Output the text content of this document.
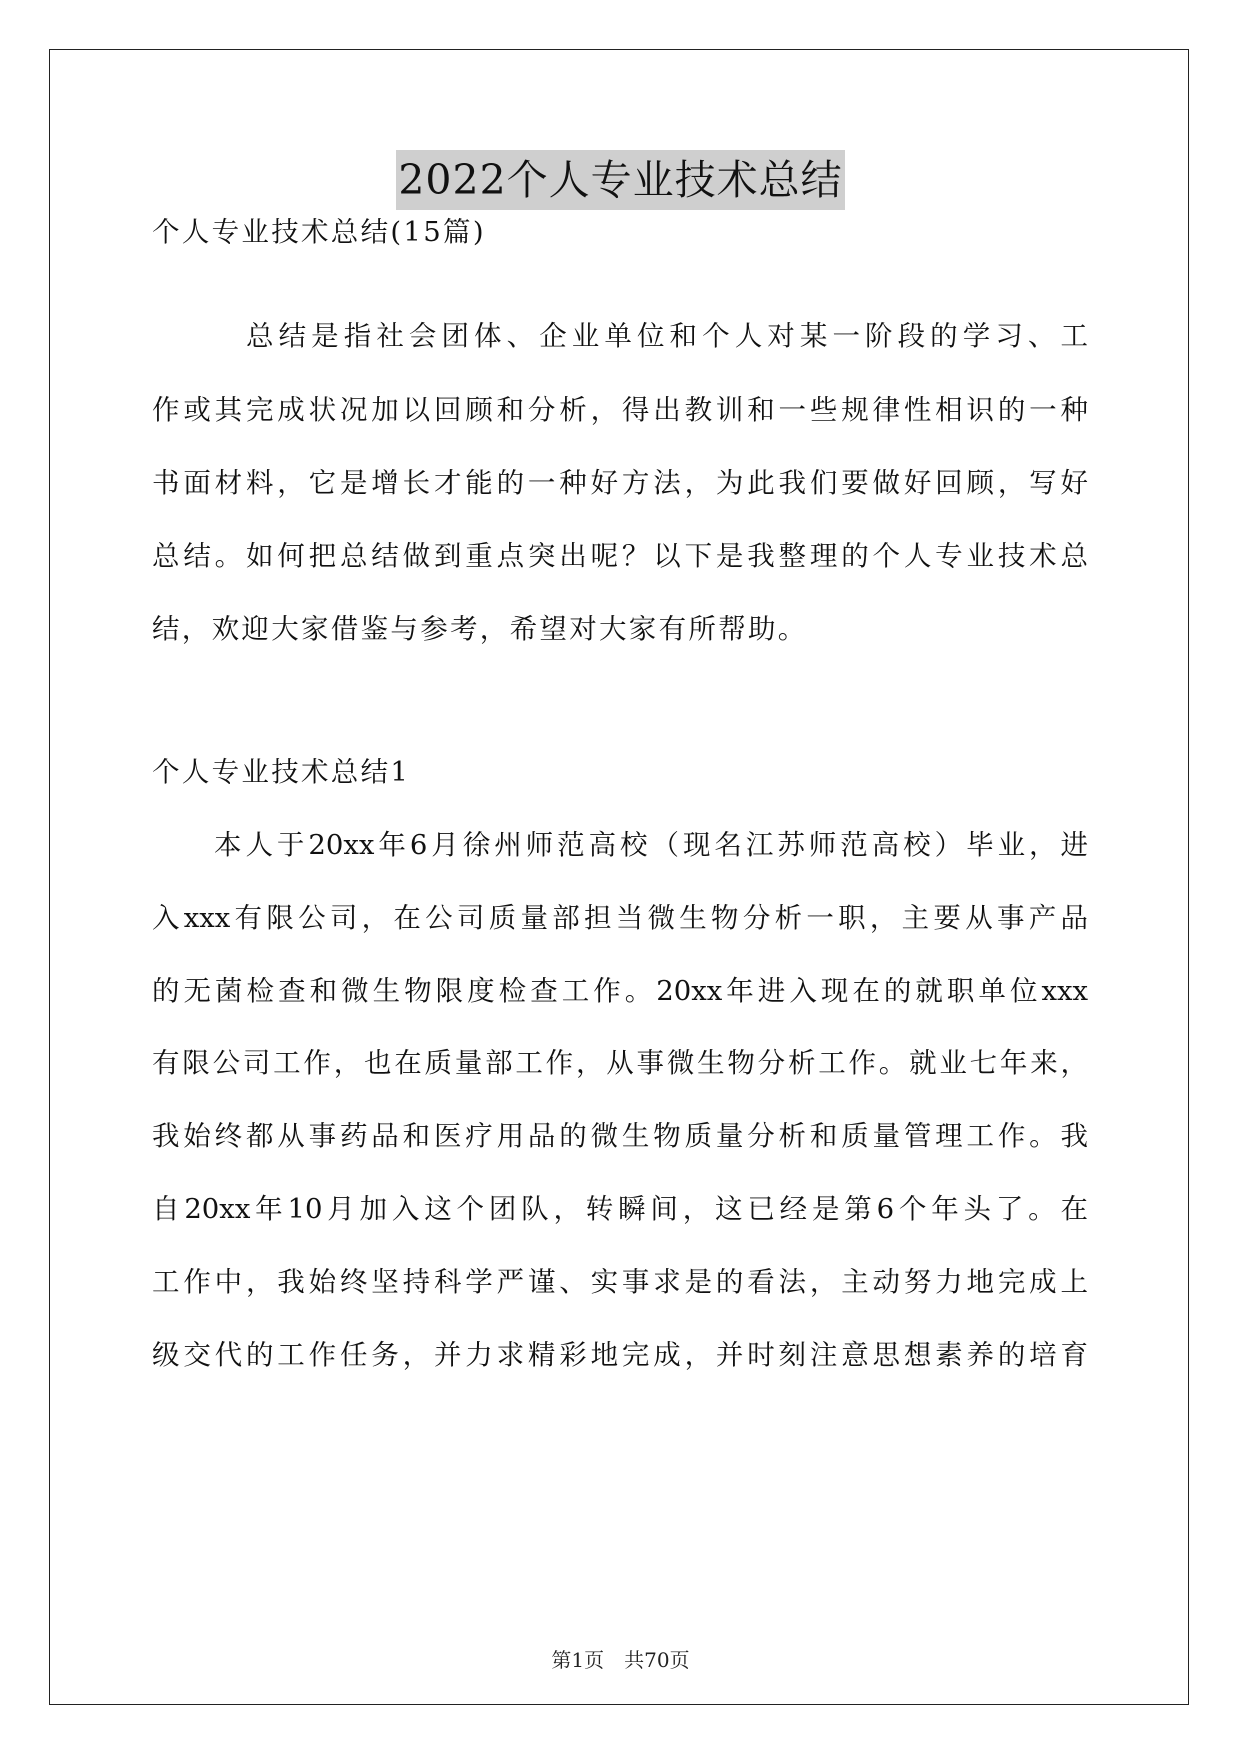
2022个人专业技术总结
个人专业技术总结(15篇)
总结是指社会团体、企业单位和个人对某一阶段的学习、工
作或其完成状况加以回顾和分析，得出教训和一些规律性相识的一种
书面材料，它是增长才能的一种好方法，为此我们要做好回顾，写好
总结。如何把总结做到重点突出呢？以下是我整理的个人专业技术总
结，欢迎大家借鉴与参考，希望对大家有所帮助。
个人专业技术总结1
本人于20xx年6月徐州师范高校（现名江苏师范高校）毕业，进
入xxx有限公司，在公司质量部担当微生物分析一职，主要从事产品
的无菌检查和微生物限度检查工作。20xx年进入现在的就职单位xxx
有限公司工作，也在质量部工作，从事微生物分析工作。就业七年来，
我始终都从事药品和医疗用品的微生物质量分析和质量管理工作。我
自20xx年10月加入这个团队，转瞬间，这已经是第6个年头了。在
工作中，我始终坚持科学严谨、实事求是的看法，主动努力地完成上
级交代的工作任务，并力求精彩地完成，并时刻注意思想素养的培育
第1页　共70页
